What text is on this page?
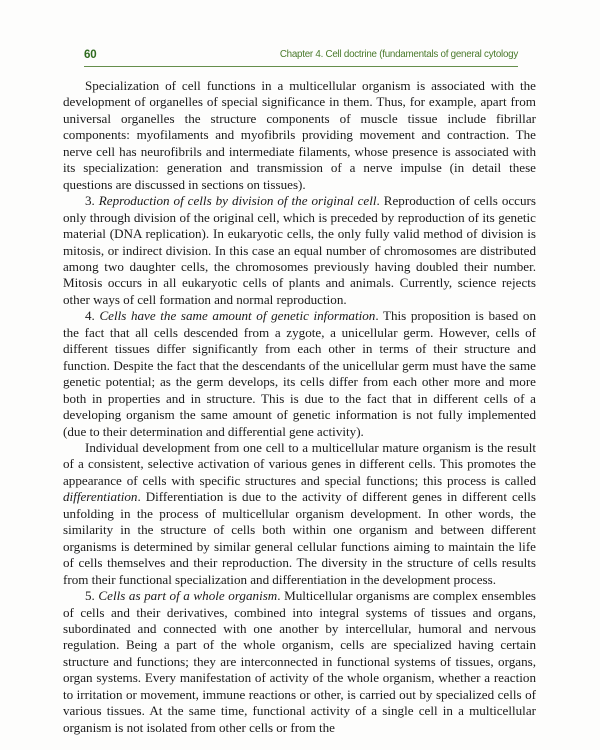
60	Chapter 4. Cell doctrine (fundamentals of general cytology

Specialization of cell functions in a multicellular organism is associated with the development of organelles of special significance in them. Thus, for example, apart from universal organelles the structure components of muscle tissue include fibrillar components: myofilaments and myofibrils providing movement and contraction. The nerve cell has neurofibrils and intermediate filaments, whose presence is associated with its specialization: generation and transmission of a nerve impulse (in detail these questions are discussed in sections on tissues).

3. Reproduction of cells by division of the original cell. Reproduction of cells occurs only through division of the original cell, which is preceded by reproduction of its genetic material (DNA replication). In eukaryotic cells, the only fully valid method of division is mitosis, or indirect division. In this case an equal number of chromosomes are distributed among two daughter cells, the chromosomes previously having doubled their number. Mitosis occurs in all eukaryotic cells of plants and animals. Currently, science rejects other ways of cell formation and normal reproduction.

4. Cells have the same amount of genetic information. This proposition is based on the fact that all cells descended from a zygote, a unicellular germ. However, cells of different tissues differ significantly from each other in terms of their structure and function. Despite the fact that the descendants of the unicellular germ must have the same genetic potential; as the germ develops, its cells differ from each other more and more both in properties and in structure. This is due to the fact that in different cells of a developing organism the same amount of genetic information is not fully implemented (due to their determination and differential gene activity).

Individual development from one cell to a multicellular mature organism is the result of a consistent, selective activation of various genes in different cells. This promotes the appearance of cells with specific structures and special functions; this process is called differentiation. Differentiation is due to the activity of different genes in different cells unfolding in the process of multicellular organism development. In other words, the similarity in the structure of cells both within one organism and between different organisms is determined by similar general cellular functions aiming to maintain the life of cells themselves and their reproduction. The diversity in the structure of cells results from their functional specialization and differentiation in the development process.

5. Cells as part of a whole organism. Multicellular organisms are complex ensembles of cells and their derivatives, combined into integral systems of tissues and organs, subordinated and connected with one another by intercellular, humoral and nervous regulation. Being a part of the whole organism, cells are specialized having certain structure and functions; they are interconnected in functional systems of tissues, organs, organ systems. Every manifestation of activity of the whole organism, whether a reaction to irritation or movement, immune reactions or other, is carried out by specialized cells of various tissues. At the same time, functional activity of a single cell in a multicellular organism is not isolated from other cells or from the
